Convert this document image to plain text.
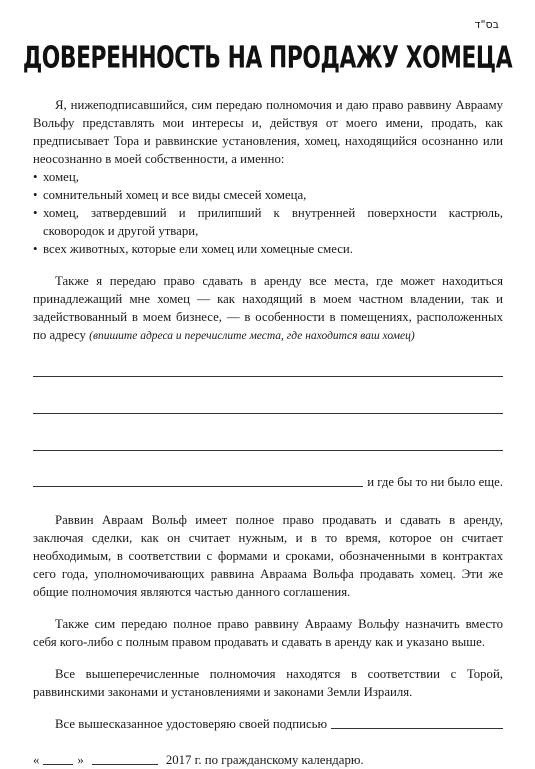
בס"ד
ДОВЕРЕННОСТЬ НА ПРОДАЖУ ХОМЕЦА

Я, нижеподписавшийся, сим передаю полномочия и даю право раввину Аврааму Вольфу представлять мои интересы и, действуя от моего имени, продать, как предписывает Тора и раввинские установления, хомец, находящийся осознанно или неосознанно в моей собственности, а именно:

• хомец,
• сомнительный хомец и все виды смесей хомеца,
• хомец, затвердевший и прилипший к внутренней поверхности кастрюль, сковородок и другой утвари,
• всех животных, которые ели хомец или хомецные смеси.

Также я передаю право сдавать в аренду все места, где может находиться принадлежащий мне хомец — как находящий в моем частном владении, так и задействованный в моем бизнесе, — в особенности в помещениях, расположенных по адресу (впишите адреса и перечислите места, где находится ваш хомец)

и где бы то ни было еще.

Раввин Авраам Вольф имеет полное право продавать и сдавать в аренду, заключая сделки, как он считает нужным, и в то время, которое он считает необходимым, в соответствии с формами и сроками, обозначенными в контрактах сего года, уполномочивающих раввина Авраама Вольфа продавать хомец. Эти же общие полномочия являются частью данного соглашения.

Также сим передаю полное право раввину Аврааму Вольфу назначить вместо себя кого-либо с полным правом продавать и сдавать в аренду как и указано выше.

Все вышеперечисленные полномочия находятся в соответствии с Торой, раввинскими законами и установлениями и законами Земли Израиля.

Все вышесказанное удостоверяю своей подписью
«	»	2017 г. по гражданскому календарю.
